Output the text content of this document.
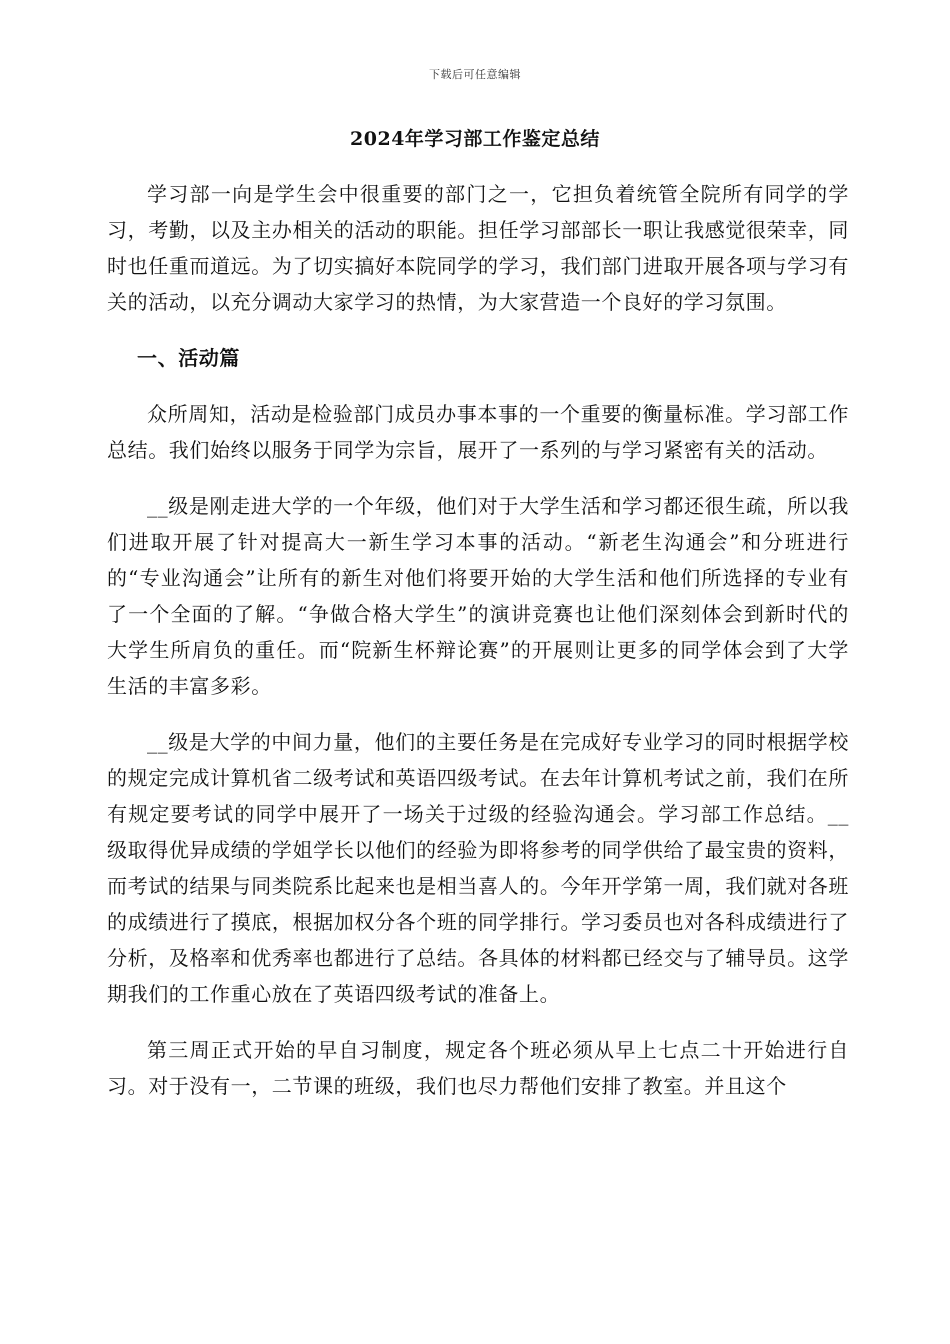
下载后可任意编辑
2024年学习部工作鉴定总结

学习部一向是学生会中很重要的部门之一，它担负着统管全院所有同学的学习，考勤，以及主办相关的活动的职能。担任学习部部长一职让我感觉很荣幸，同时也任重而道远。为了切实搞好本院同学的学习，我们部门进取开展各项与学习有关的活动，以充分调动大家学习的热情，为大家营造一个良好的学习氛围。

一、活动篇

众所周知，活动是检验部门成员办事本事的一个重要的衡量标准。学习部工作总结。我们始终以服务于同学为宗旨，展开了一系列的与学习紧密有关的活动。

__级是刚走进大学的一个年级，他们对于大学生活和学习都还很生疏，所以我们进取开展了针对提高大一新生学习本事的活动。“新老生沟通会”和分班进行的“专业沟通会”让所有的新生对他们将要开始的大学生活和他们所选择的专业有了一个全面的了解。“争做合格大学生”的演讲竞赛也让他们深刻体会到新时代的大学生所肩负的重任。而“院新生杯辩论赛”的开展则让更多的同学体会到了大学生活的丰富多彩。

__级是大学的中间力量，他们的主要任务是在完成好专业学习的同时根据学校的规定完成计算机省二级考试和英语四级考试。在去年计算机考试之前，我们在所有规定要考试的同学中展开了一场关于过级的经验沟通会。学习部工作总结。__级取得优异成绩的学姐学长以他们的经验为即将参考的同学供给了最宝贵的资料，而考试的结果与同类院系比起来也是相当喜人的。今年开学第一周，我们就对各班的成绩进行了摸底，根据加权分各个班的同学排行。学习委员也对各科成绩进行了分析，及格率和优秀率也都进行了总结。各具体的材料都已经交与了辅导员。这学期我们的工作重心放在了英语四级考试的准备上。

第三周正式开始的早自习制度，规定各个班必须从早上七点二十开始进行自习。对于没有一，二节课的班级，我们也尽力帮他们安排了教室。并且这个
